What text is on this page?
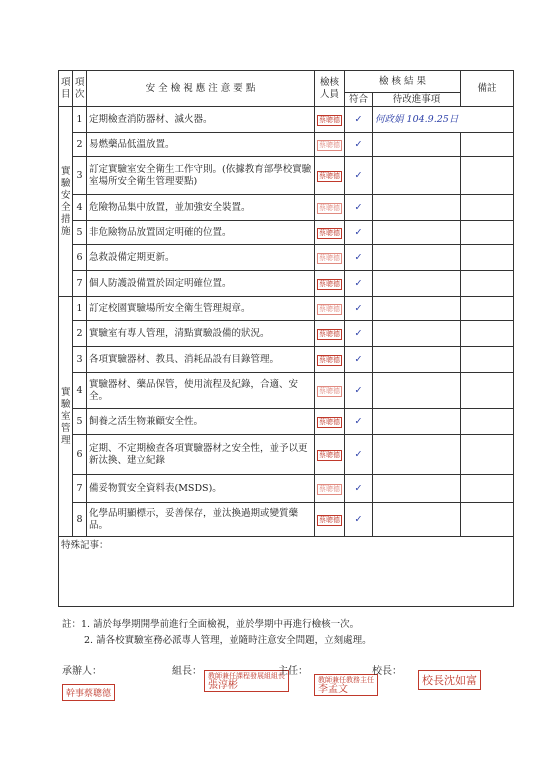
項目	項次	安 全 檢 視 應 注 意 要 點	檢核人員	檢 核 結 果		備註
				符合	待改進事項	
實驗安全措施	1	定期檢查消防器材、滅火器。	蔡聰德	✓	何政娟 104.9.25日	
	2	易燃藥品低溫放置。	蔡聰德	✓		
	3	訂定實驗室安全衛生工作守則。(依據教育部學校實驗室場所安全衛生管理要點)	蔡聰德	✓		
	4	危險物品集中放置，並加強安全裝置。	蔡聰德	✓		
	5	非危險物品放置固定明確的位置。	蔡聰德	✓		
	6	急救設備定期更新。	蔡聰德	✓		
	7	個人防護設備置於固定明確位置。	蔡聰德	✓		
實驗室管理	1	訂定校園實驗場所安全衛生管理規章。	蔡聰德	✓		
	2	實驗室有專人管理，清點實驗設備的狀況。	蔡聰德	✓		
	3	各項實驗器材、教具、消耗品設有目錄管理。	蔡聰德	✓		
	4	實驗器材、藥品保管，使用流程及紀錄，合適、安全。	蔡聰德	✓		
	5	飼養之活生物兼顧安全性。	蔡聰德	✓		
	6	定期、不定期檢查各項實驗器材之安全性，並予以更新汰換、建立紀錄	蔡聰德	✓		
	7	備妥物質安全資料表(MSDS)。	蔡聰德	✓		
	8	化學品明顯標示，妥善保存，並汰換過期或變質藥品。	蔡聰德	✓		
特殊記事：						
註：1. 請於每學期開學前進行全面檢視，並於學期中再進行檢核一次。
2. 請各校實驗室務必派專人管理，並隨時注意安全問題，立刻處理。
承辦人：
幹事蔡聰德
組長： 教師兼任課程發展組組長
張淳彬
主任：
教師兼任教務主任
李孟文
校長：
校長沈如富
